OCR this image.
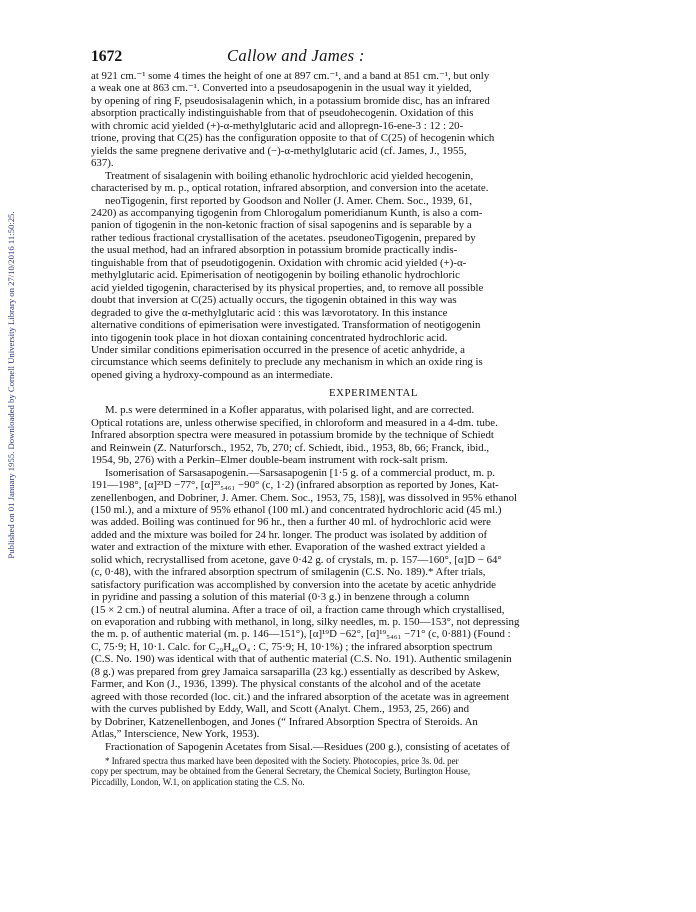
Published on 01 January 1955. Downloaded by Cornell University Library on 27/10/2016 11:50:25.
1672	Callow and James :
at 921 cm.⁻¹ some 4 times the height of one at 897 cm.⁻¹, and a band at 851 cm.⁻¹, but only
a weak one at 863 cm.⁻¹. Converted into a pseudosapogenin in the usual way it yielded,
by opening of ring F, pseudosisalagenin which, in a potassium bromide disc, has an infrared
absorption practically indistinguishable from that of pseudohecogenin. Oxidation of this
with chromic acid yielded (+)-α-methylglutaric acid and allopregn-16-ene-3 : 12 : 20-
trione, proving that C(25) has the configuration opposite to that of C(25) of hecogenin which
yields the same pregnene derivative and (−)-α-methylglutaric acid (cf. James, J., 1955,
637).
Treatment of sisalagenin with boiling ethanolic hydrochloric acid yielded hecogenin,
characterised by m. p., optical rotation, infrared absorption, and conversion into the acetate.
neoTigogenin, first reported by Goodson and Noller (J. Amer. Chem. Soc., 1939, 61,
2420) as accompanying tigogenin from Chlorogalum pomeridianum Kunth, is also a com-
panion of tigogenin in the non-ketonic fraction of sisal sapogenins and is separable by a
rather tedious fractional crystallisation of the acetates. pseudoneoTigogenin, prepared by
the usual method, had an infrared absorption in potassium bromide practically indis-
tinguishable from that of pseudotigogenin. Oxidation with chromic acid yielded (+)-α-
methylglutaric acid. Epimerisation of neotigogenin by boiling ethanolic hydrochloric
acid yielded tigogenin, characterised by its physical properties, and, to remove all possible
doubt that inversion at C(25) actually occurs, the tigogenin obtained in this way was
degraded to give the α-methylglutaric acid : this was lævorotatory. In this instance
alternative conditions of epimerisation were investigated. Transformation of neotigogenin
into tigogenin took place in hot dioxan containing concentrated hydrochloric acid.
Under similar conditions epimerisation occurred in the presence of acetic anhydride, a
circumstance which seems definitely to preclude any mechanism in which an oxide ring is
opened giving a hydroxy-compound as an intermediate.
EXPERIMENTAL
M. p.s were determined in a Kofler apparatus, with polarised light, and are corrected.
Optical rotations are, unless otherwise specified, in chloroform and measured in a 4-dm. tube.
Infrared absorption spectra were measured in potassium bromide by the technique of Schiedt
and Reinwein (Z. Naturforsch., 1952, 7b, 270; cf. Schiedt, ibid., 1953, 8b, 66; Franck, ibid.,
1954, 9b, 276) with a Perkin–Elmer double-beam instrument with rock-salt prism.
Isomerisation of Sarsasapogenin.—Sarsasapogenin [1·5 g. of a commercial product, m. p.
191—198°, [α]²³D −77°, [α]²³₅₄₆₁ −90° (c, 1·2) (infrared absorption as reported by Jones, Kat-
zenellenbogen, and Dobriner, J. Amer. Chem. Soc., 1953, 75, 158)], was dissolved in 95% ethanol
(150 ml.), and a mixture of 95% ethanol (100 ml.) and concentrated hydrochloric acid (45 ml.)
was added. Boiling was continued for 96 hr., then a further 40 ml. of hydrochloric acid were
added and the mixture was boiled for 24 hr. longer. The product was isolated by addition of
water and extraction of the mixture with ether. Evaporation of the washed extract yielded a
solid which, recrystallised from acetone, gave 0·42 g. of crystals, m. p. 157—160°, [α]D − 64°
(c, 0·48), with the infrared absorption spectrum of smilagenin (C.S. No. 189).* After trials,
satisfactory purification was accomplished by conversion into the acetate by acetic anhydride
in pyridine and passing a solution of this material (0·3 g.) in benzene through a column
(15 × 2 cm.) of neutral alumina. After a trace of oil, a fraction came through which crystallised,
on evaporation and rubbing with methanol, in long, silky needles, m. p. 150—153°, not depressing
the m. p. of authentic material (m. p. 146—151°), [α]¹⁹D −62°, [α]¹⁹₅₄₆₁ −71° (c, 0·881) (Found :
C, 75·9; H, 10·1. Calc. for C₂₉H₄₆O₄ : C, 75·9; H, 10·1%) ; the infrared absorption spectrum
(C.S. No. 190) was identical with that of authentic material (C.S. No. 191). Authentic smilagenin
(8 g.) was prepared from grey Jamaica sarsaparilla (23 kg.) essentially as described by Askew,
Farmer, and Kon (J., 1936, 1399). The physical constants of the alcohol and of the acetate
agreed with those recorded (loc. cit.) and the infrared absorption of the acetate was in agreement
with the curves published by Eddy, Wall, and Scott (Analyt. Chem., 1953, 25, 266) and
by Dobriner, Katzenellenbogen, and Jones (“ Infrared Absorption Spectra of Steroids. An
Atlas,” Interscience, New York, 1953).
Fractionation of Sapogenin Acetates from Sisal.—Residues (200 g.), consisting of acetates of
* Infrared spectra thus marked have been deposited with the Society. Photocopies, price 3s. 0d. per
copy per spectrum, may be obtained from the General Secretary, the Chemical Society, Burlington House,
Piccadilly, London, W.1, on application stating the C.S. No.
